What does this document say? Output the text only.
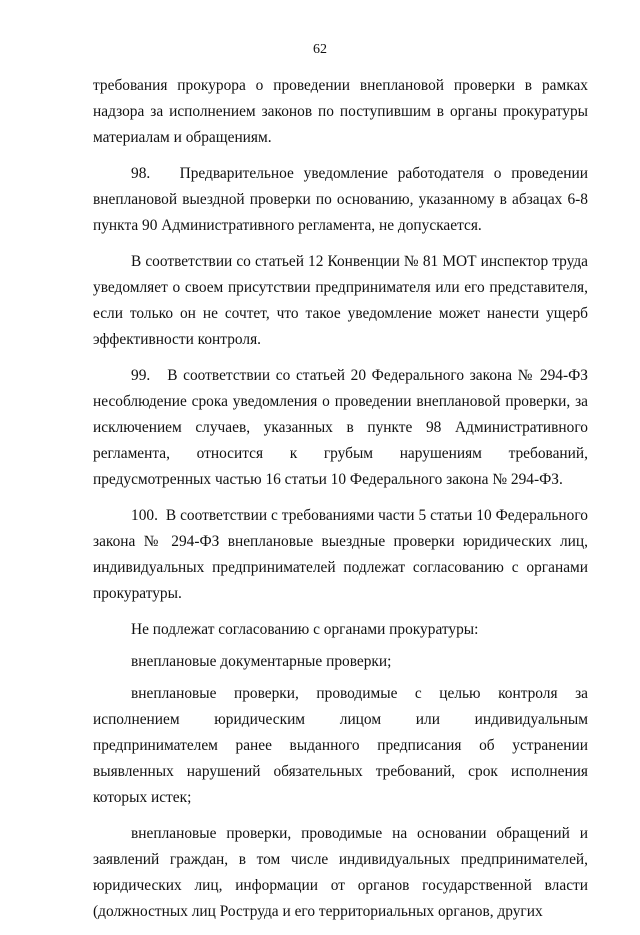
62

требования прокурора о проведении внеплановой проверки в рамках надзора за исполнением законов по поступившим в органы прокуратуры материалам и обращениям.

98.   Предварительное уведомление работодателя о проведении внеплановой выездной проверки по основанию, указанному в абзацах 6-8 пункта 90 Административного регламента, не допускается.

В соответствии со статьей 12 Конвенции № 81 МОТ инспектор труда уведомляет о своем присутствии предпринимателя или его представителя, если только он не сочтет, что такое уведомление может нанести ущерб эффективности контроля.

99.   В соответствии со статьей 20 Федерального закона № 294-ФЗ несоблюдение срока уведомления о проведении внеплановой проверки, за исключением случаев, указанных в пункте 98 Административного регламента, относится к грубым нарушениям требований, предусмотренных частью 16 статьи 10 Федерального закона № 294-ФЗ.

100.  В соответствии с требованиями части 5 статьи 10 Федерального закона № 294-ФЗ внеплановые выездные проверки юридических лиц, индивидуальных предпринимателей подлежат согласованию с органами прокуратуры.

Не подлежат согласованию с органами прокуратуры:

внеплановые документарные проверки;

внеплановые проверки, проводимые с целью контроля за исполнением юридическим лицом или индивидуальным предпринимателем ранее выданного предписания об устранении выявленных нарушений обязательных требований, срок исполнения которых истек;

внеплановые проверки, проводимые на основании обращений и заявлений граждан, в том числе индивидуальных предпринимателей, юридических лиц, информации от органов государственной власти (должностных лиц Роструда и его территориальных органов, других
